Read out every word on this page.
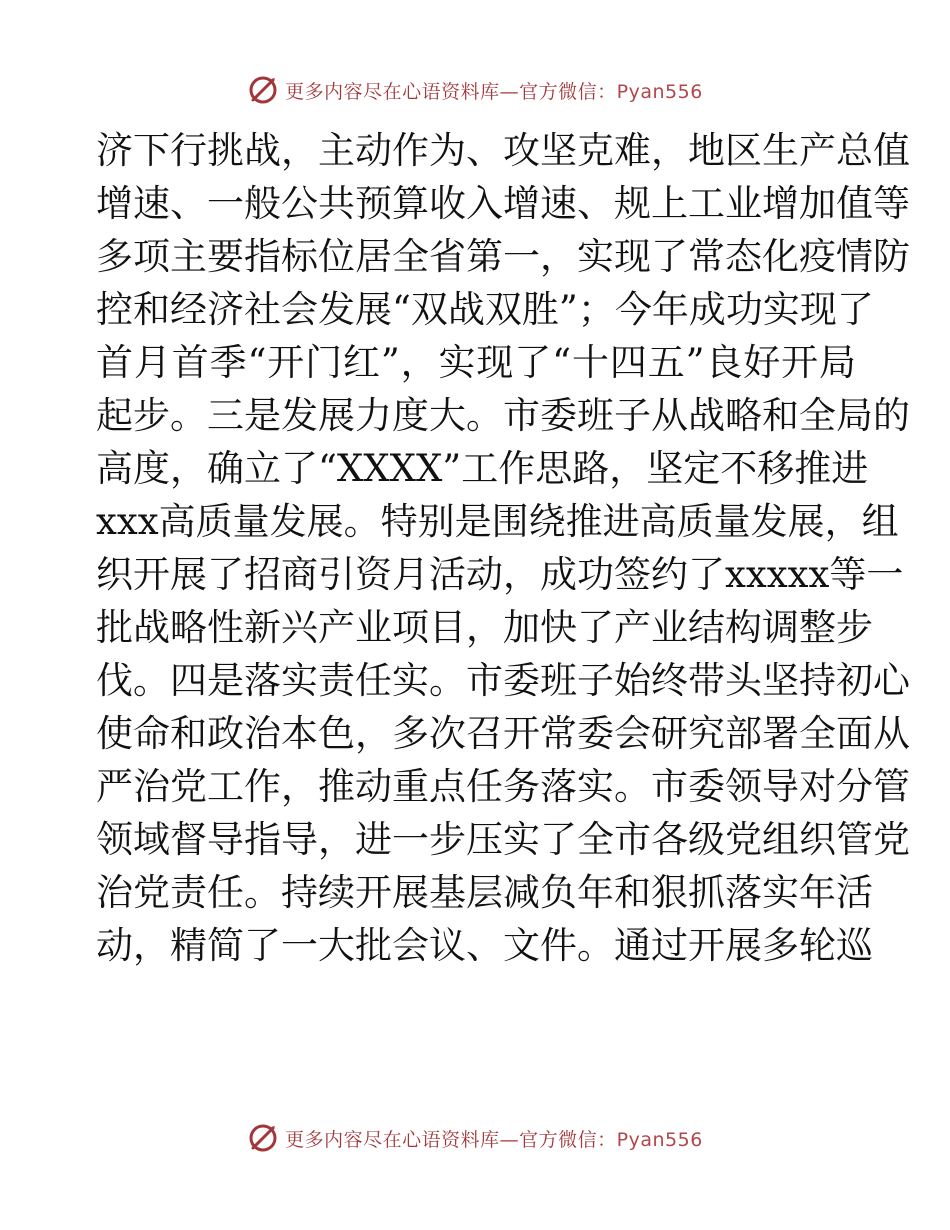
更多内容尽在心语资料库—官方微信：Pyan556
济下行挑战，主动作为、攻坚克难，地区生产总值
增速、一般公共预算收入增速、规上工业增加值等
多项主要指标位居全省第一，实现了常态化疫情防
控和经济社会发展“双战双胜”；今年成功实现了
首月首季“开门红”，实现了“十四五”良好开局
起步。三是发展力度大。市委班子从战略和全局的
高度，确立了“XXXX”工作思路，坚定不移推进
xxx高质量发展。特别是围绕推进高质量发展，组
织开展了招商引资月活动，成功签约了xxxxx等一
批战略性新兴产业项目，加快了产业结构调整步
伐。四是落实责任实。市委班子始终带头坚持初心
使命和政治本色，多次召开常委会研究部署全面从
严治党工作，推动重点任务落实。市委领导对分管
领域督导指导，进一步压实了全市各级党组织管党
治党责任。持续开展基层减负年和狠抓落实年活
动，精简了一大批会议、文件。通过开展多轮巡
更多内容尽在心语资料库—官方微信：Pyan556
